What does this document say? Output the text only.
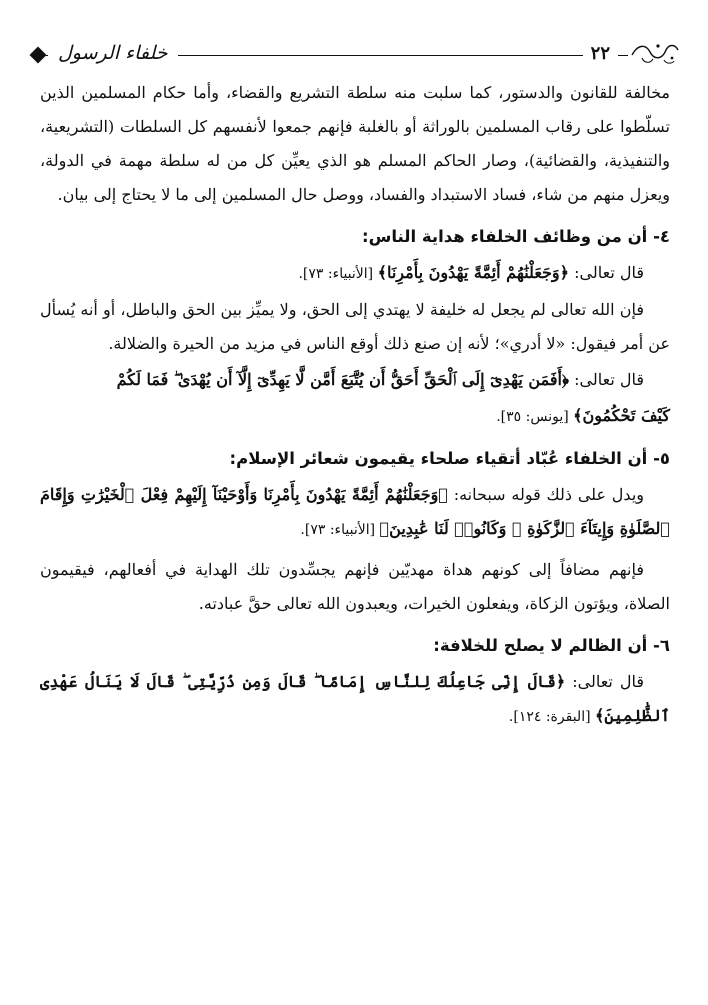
خلفاء الرسول	٢٢

مخالفة للقانون والدستور، كما سلبت منه سلطة التشريع والقضاء، وأما حكام المسلمين الذين تسلّطوا على رقاب المسلمين بالوراثة أو بالغلبة فإنهم جمعوا لأنفسهم كل السلطات (التشريعية، والتنفيذية، والقضائية)، وصار الحاكم المسلم هو الذي يعيِّن كل من له سلطة مهمة في الدولة، ويعزل منهم من شاء، فساد الاستبداد والفساد، ووصل حال المسلمين إلى ما لا يحتاج إلى بيان.

٤- أن من وظائف الخلفاء هداية الناس:

قال تعالى: ﴿وَجَعَلْنَٰهُمْ أَئِمَّةً يَهْدُونَ بِأَمْرِنَا﴾ [الأنبياء: ٧٣].

فإن الله تعالى لم يجعل له خليفة لا يهتدي إلى الحق، ولا يميِّز بين الحق والباطل، أو أنه يُسأل عن أمر فيقول: «لا أدري»؛ لأنه إن صنع ذلك أوقع الناس في مزيد من الحيرة والضلالة.

قال تعالى: ﴿أَفَمَن يَهْدِىٓ إِلَى ٱلْحَقِّ أَحَقُّ أَن يُتَّبَعَ أَمَّن لَّا يَهِدِّىٓ إِلَّآ أَن يُهْدَىٰ ۖ فَمَا لَكُمْ

كَيْفَ تَحْكُمُونَ﴾ [يونس: ٣٥].

٥- أن الخلفاء عُبّاد أتقياء صلحاء يقيمون شعائر الإسلام:

ويدل على ذلك قوله سبحانه: ﴿وَجَعَلْنَٰهُمْ أَئِمَّةً يَهْدُونَ بِأَمْرِنَا وَأَوْحَيْنَآ إِلَيْهِمْ فِعْلَ ٱلْخَيْرَٰتِ وَإِقَامَ ٱلصَّلَوٰةِ وَإِيتَآءَ ٱلزَّكَوٰةِ ۖ وَكَانُوا۟ لَنَا عَٰبِدِينَ﴾ [الأنبياء: ٧٣].

فإنهم مضافاً إلى كونهم هداة مهديّين فإنهم يجسِّدون تلك الهداية في أفعالهم، فيقيمون الصلاة، ويؤتون الزكاة، ويفعلون الخيرات، ويعبدون الله تعالى حقَّ عبادته.

٦- أن الظالم لا يصلح للخلافة:

قال تعالى: ﴿قَالَ إِنِّى جَاعِلُكَ لِلنَّاسِ إِمَامًا ۖ قَالَ وَمِن ذُرِّيَّتِى ۖ قَالَ لَا يَنَالُ عَهْدِى ٱلظَّٰلِمِينَ﴾ [البقرة: ١٢٤].
